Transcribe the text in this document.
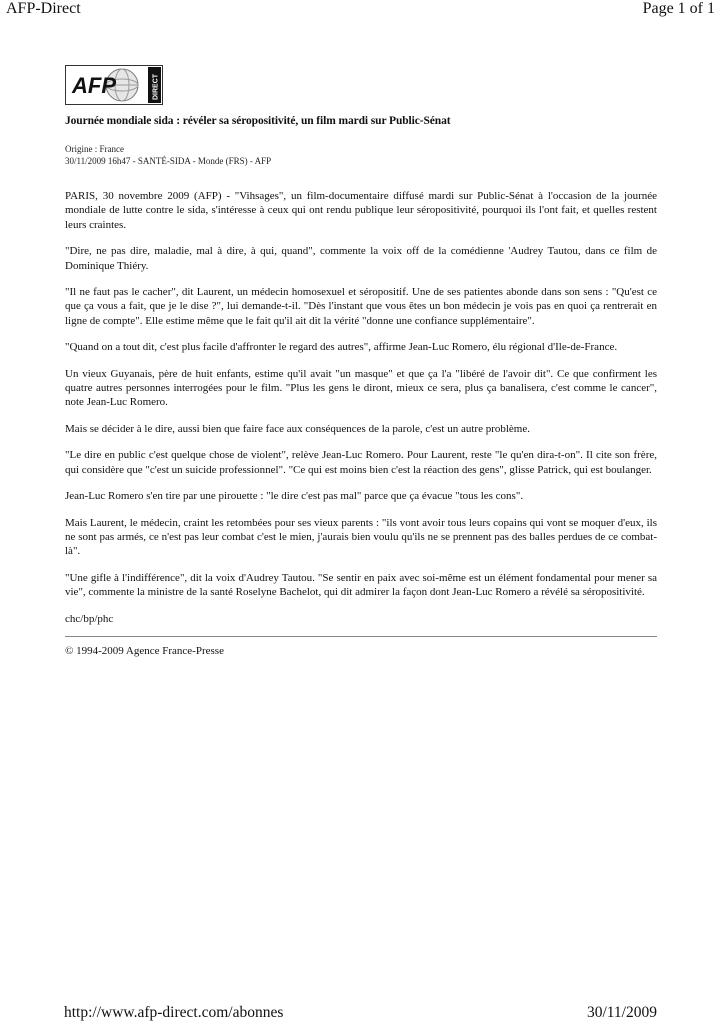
AFP-Direct	Page 1 of 1
AFP	DIRECT
Journée mondiale sida : révéler sa séropositivité, un film mardi sur Public-Sénat
Origine : France
30/11/2009 16h47 - SANTÉ-SIDA - Monde (FRS) - AFP

PARIS, 30 novembre 2009 (AFP) - "Vihsages", un film-documentaire diffusé mardi sur Public-Sénat à l'occasion de la journée mondiale de lutte contre le sida, s'intéresse à ceux qui ont rendu publique leur séropositivité, pourquoi ils l'ont fait, et quelles restent leurs craintes.

"Dire, ne pas dire, maladie, mal à dire, à qui, quand", commente la voix off de la comédienne 'Audrey Tautou, dans ce film de Dominique Thiéry.

"Il ne faut pas le cacher", dit Laurent, un médecin homosexuel et séropositif. Une de ses patientes abonde dans son sens : "Qu'est ce que ça vous a fait, que je le dise ?", lui demande-t-il. "Dès l'instant que vous êtes un bon médecin je vois pas en quoi ça rentrerait en ligne de compte". Elle estime même que le fait qu'il ait dit la vérité "donne une confiance supplémentaire".

"Quand on a tout dit, c'est plus facile d'affronter le regard des autres", affirme Jean-Luc Romero, élu régional d'Ile-de-France.

Un vieux Guyanais, père de huit enfants, estime qu'il avait "un masque" et que ça l'a "libéré de l'avoir dit". Ce que confirment les quatre autres personnes interrogées pour le film. "Plus les gens le diront, mieux ce sera, plus ça banalisera, c'est comme le cancer", note Jean-Luc Romero.

Mais se décider à le dire, aussi bien que faire face aux conséquences de la parole, c'est un autre problème.

"Le dire en public c'est quelque chose de violent", relève Jean-Luc Romero. Pour Laurent, reste "le qu'en dira-t-on". Il cite son frère, qui considère que "c'est un suicide professionnel". "Ce qui est moins bien c'est la réaction des gens", glisse Patrick, qui est boulanger.

Jean-Luc Romero s'en tire par une pirouette : "le dire c'est pas mal" parce que ça évacue "tous les cons".

Mais Laurent, le médecin, craint les retombées pour ses vieux parents : "ils vont avoir tous leurs copains qui vont se moquer d'eux, ils ne sont pas armés, ce n'est pas leur combat c'est le mien, j'aurais bien voulu qu'ils ne se prennent pas des balles perdues de ce combat-là".

"Une gifle à l'indifférence", dit la voix d'Audrey Tautou. "Se sentir en paix avec soi-même est un élément fondamental pour mener sa vie", commente la ministre de la santé Roselyne Bachelot, qui dit admirer la façon dont Jean-Luc Romero a révélé sa séropositivité.

chc/bp/phc
© 1994-2009 Agence France-Presse
http://www.afp-direct.com/abonnes	30/11/2009
